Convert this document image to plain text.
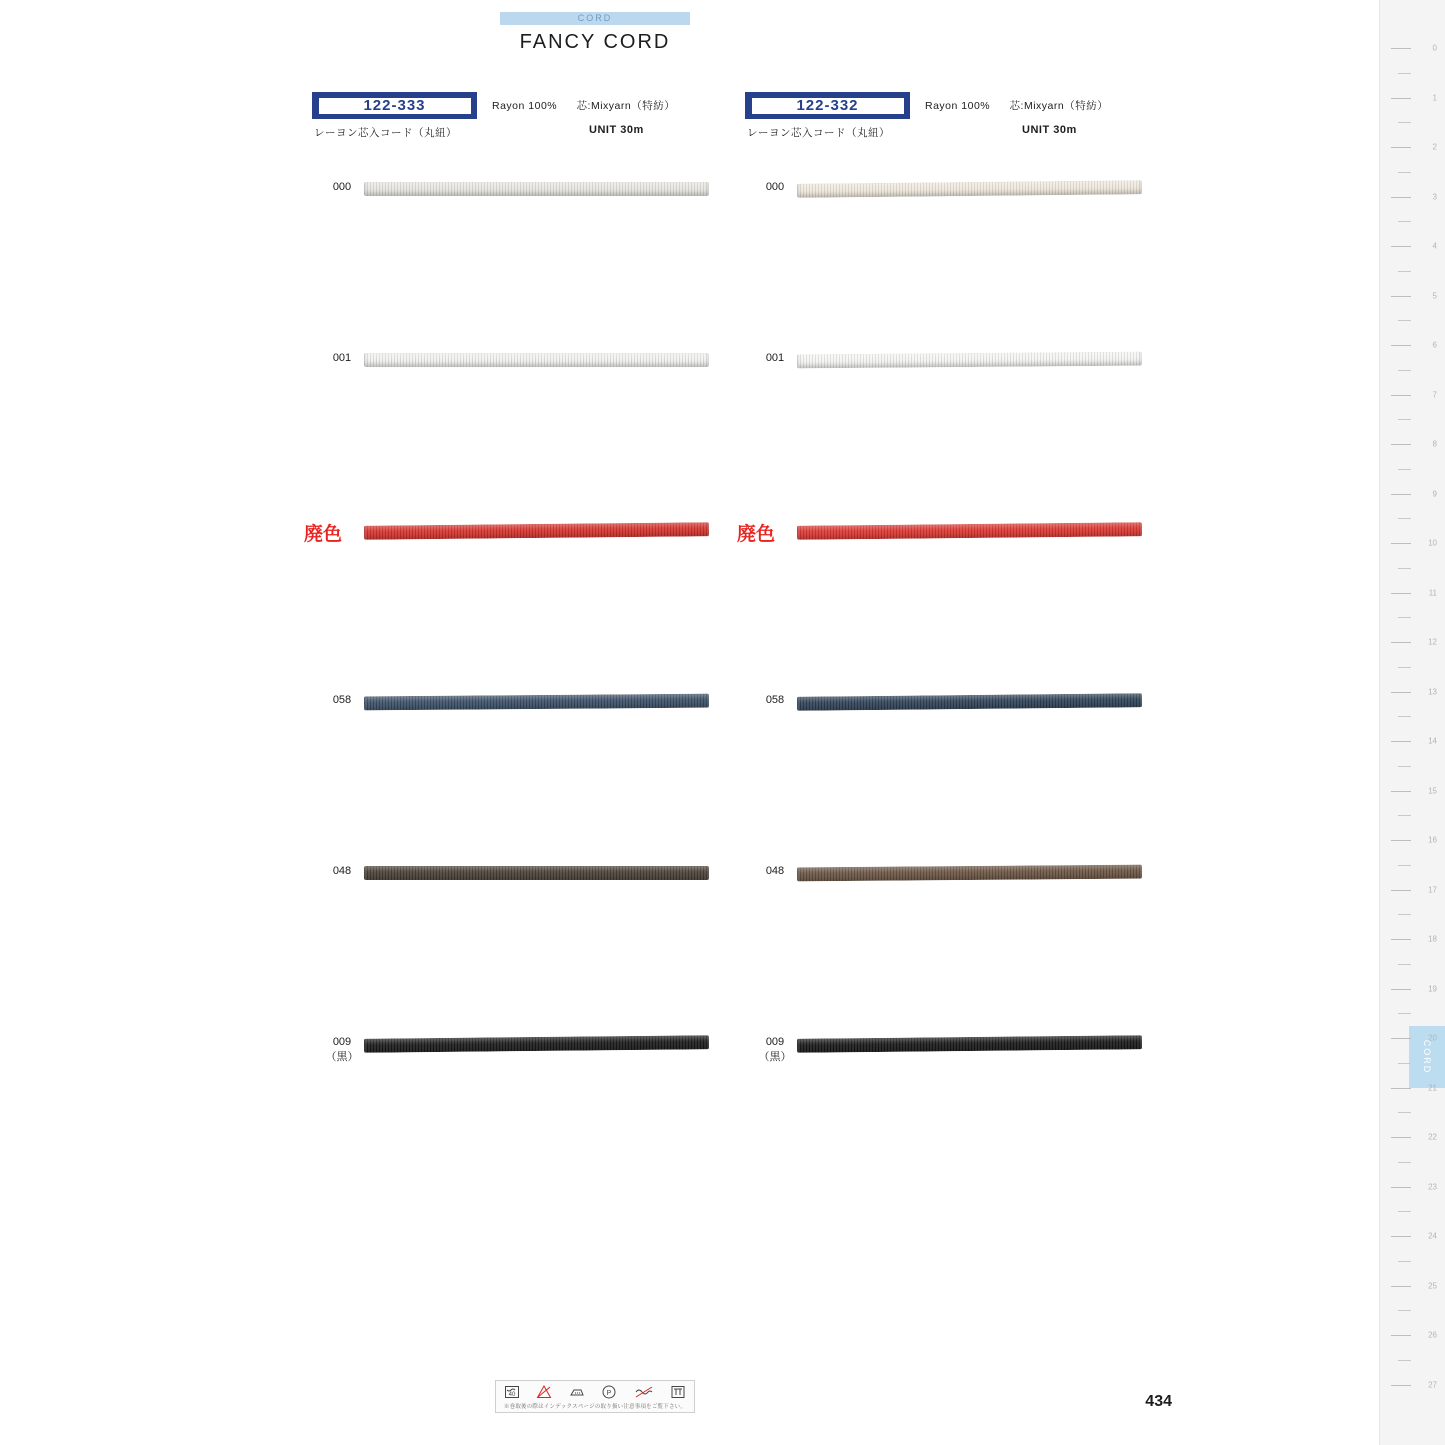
CORD
FANCY CORD
122-333	Rayon 100% 芯:Mixyarn（特紡）
レーヨン芯入コード（丸紐）	UNIT 30m
000
001
廃色
058
048
009
（黒）
122-332	Rayon 100% 芯:Mixyarn（特紡）
レーヨン芯入コード（丸紐）	UNIT 30m
000
001
廃色
058
048
009
（黒）	CORD
0
1
2
3
4
5
6
7
8
9
10
11
12
13
14
15
16
17
18
19
20
21
22
23
24
25
26
27
40	P
※巻取後の際はインデックスページの取り扱い注意事項をご覧下さい。	434
